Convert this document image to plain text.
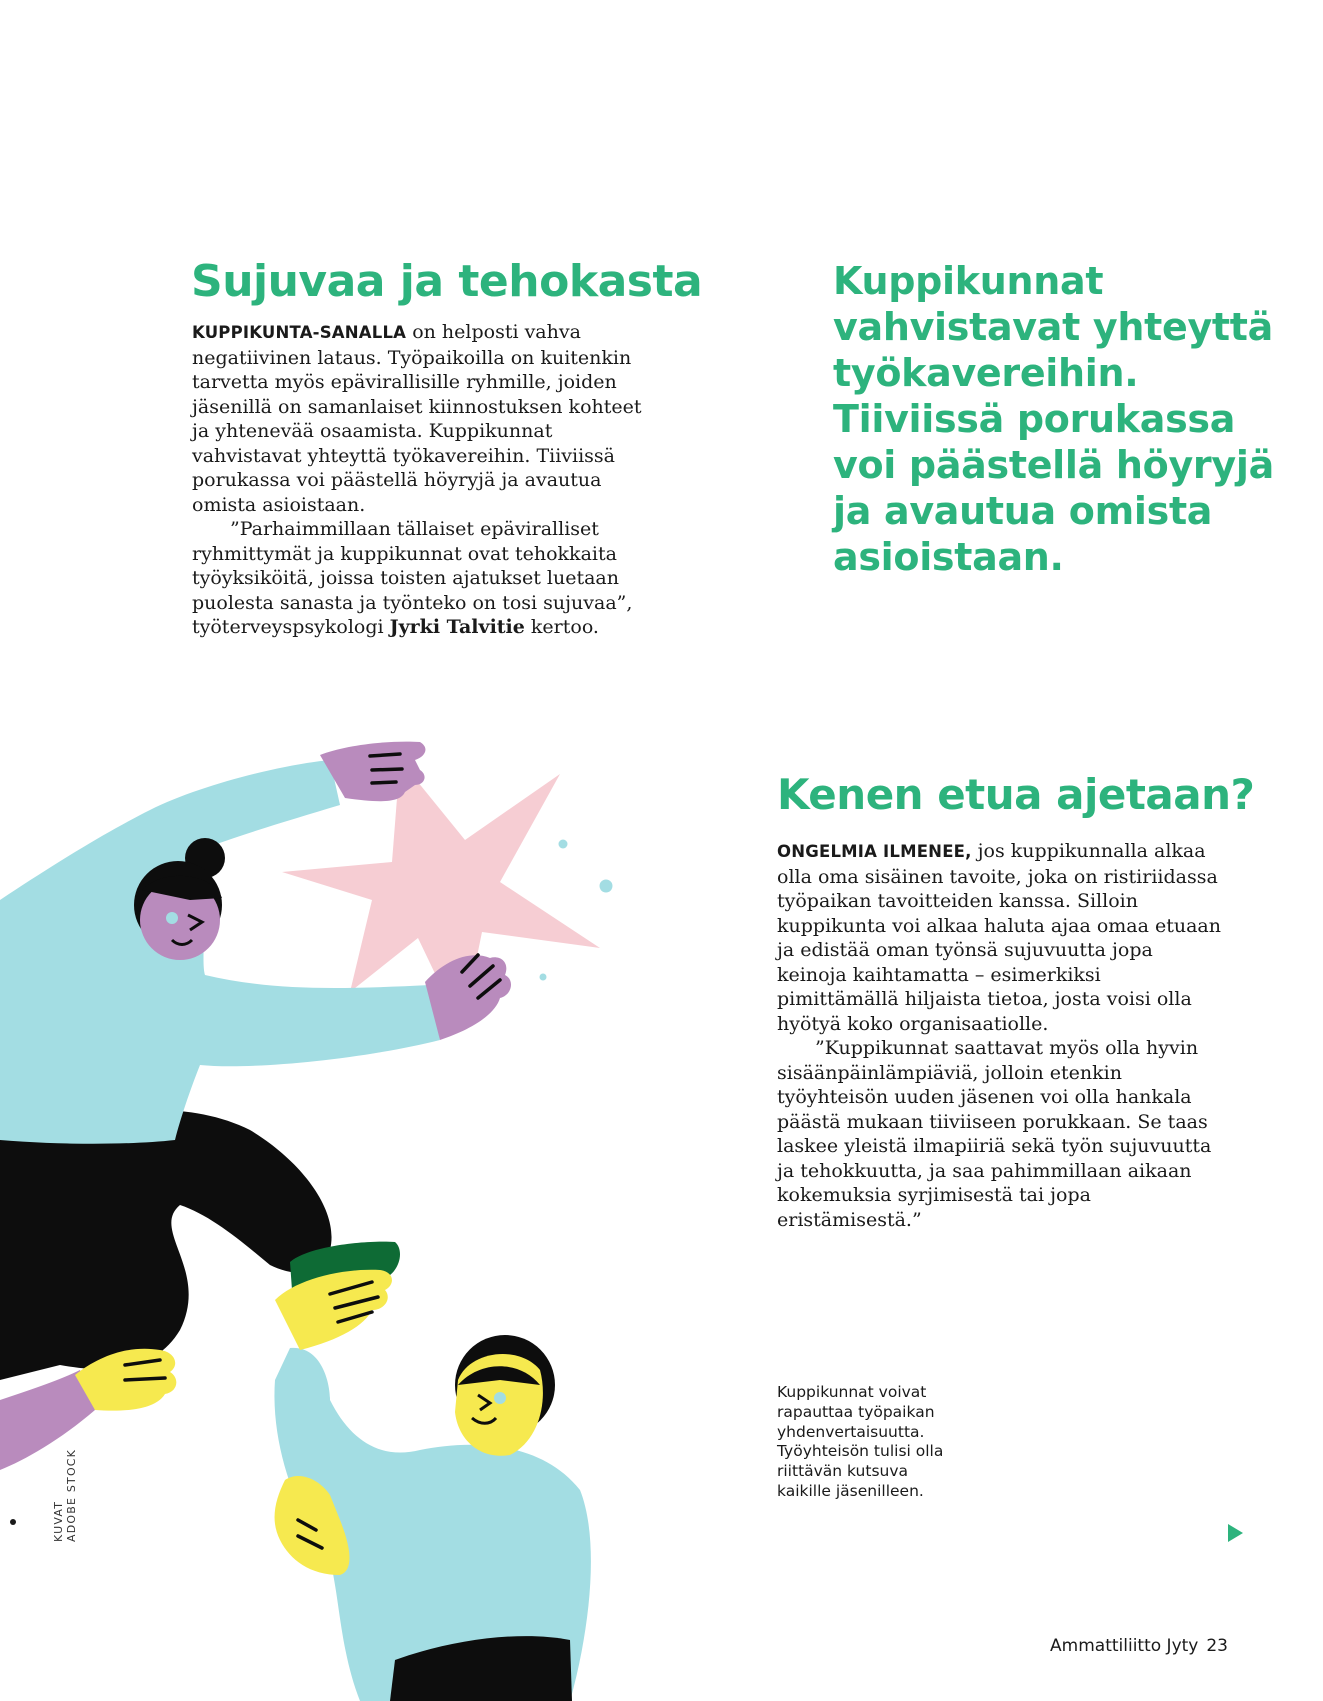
Sujuvaa ja tehokasta

KUPPIKUNTA-SANALLA on helposti vahva negatiivinen lataus. Työpaikoilla on kuitenkin tarvetta myös epävirallisille ryhmille, joiden jäsenillä on samanlaiset kiinnostuksen kohteet ja yhtenevää osaamista. Kuppikunnat vahvistavat yhteyttä työkavereihin. Tiiviissä porukassa voi päästellä höyryjä ja avautua omista asioistaan.

”Parhaimmillaan tällaiset epäviralliset ryhmittymät ja kuppikunnat ovat tehokkaita työyksiköitä, joissa toisten ajatukset luetaan puolesta sanasta ja työnteko on tosi sujuvaa”, työterveyspsykologi Jyrki Talvitie kertoo.

Kuppikunnat vahvistavat yhteyttä työkavereihin. Tiiviissä porukassa voi päästellä höyryjä ja avautua omista asioistaan.

Kenen etua ajetaan?

ONGELMIA ILMENEE, jos kuppikunnalla alkaa olla oma sisäinen tavoite, joka on ristiriidassa työpaikan tavoitteiden kanssa. Silloin kuppikunta voi alkaa haluta ajaa omaa etuaan ja edistää oman työnsä sujuvuutta jopa keinoja kaihtamatta – esimerkiksi pimittämällä hiljaista tietoa, josta voisi olla hyötyä koko organisaatiolle.

”Kuppikunnat saattavat myös olla hyvin sisäänpäinlämpiäviä, jolloin etenkin työyhteisön uuden jäsenen voi olla hankala päästä mukaan tiiviiseen porukkaan. Se taas laskee yleistä ilmapiiriä sekä työn sujuvuutta ja tehokkuutta, ja saa pahimmillaan aikaan kokemuksia syrjimisestä tai jopa eristämisestä.”

Kuppikunnat voivat rapauttaa työpaikan yhdenvertaisuutta. Työyhteisön tulisi olla riittävän kutsuva kaikille jäsenilleen.

KUVAT ADOBE STOCK
Ammattiliitto Jyty 23
